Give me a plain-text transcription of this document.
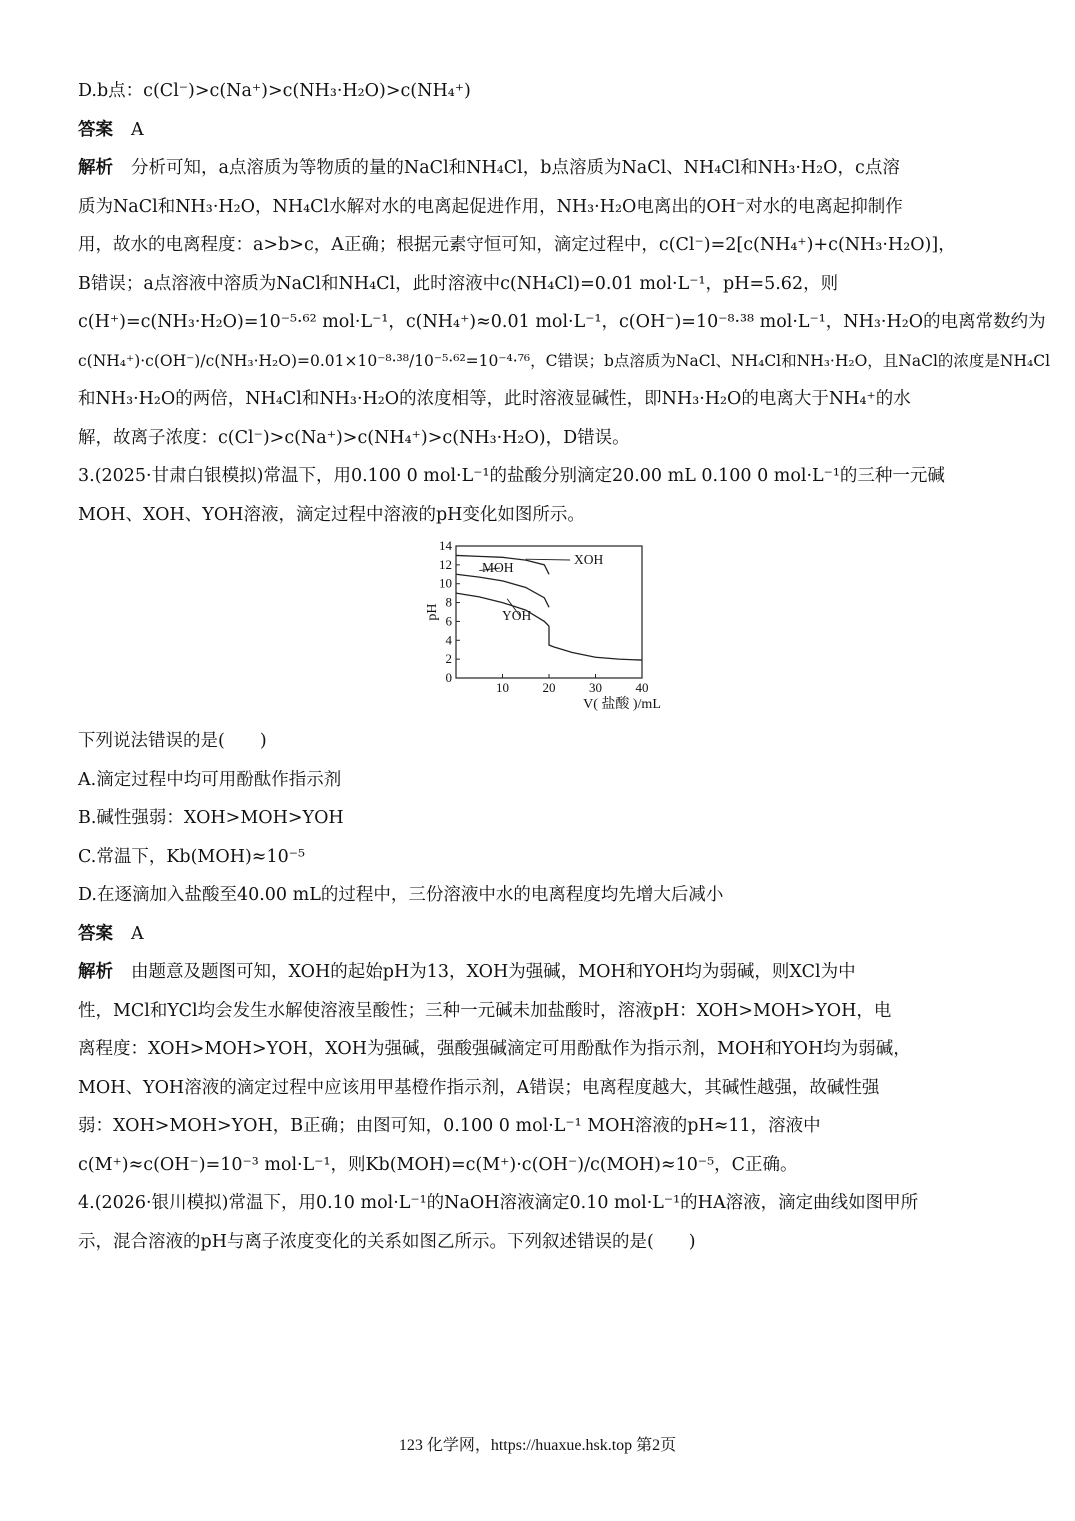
D.b点：c(Cl⁻)>c(Na⁺)>c(NH₃·H₂O)>c(NH₄⁺)
答案 A
解析 分析可知，a点溶质为等物质的量的NaCl和NH₄Cl，b点溶质为NaCl、NH₄Cl和NH₃·H₂O，c点溶
质为NaCl和NH₃·H₂O，NH₄Cl水解对水的电离起促进作用，NH₃·H₂O电离出的OH⁻对水的电离起抑制作
用，故水的电离程度：a>b>c，A正确；根据元素守恒可知，滴定过程中，c(Cl⁻)=2[c(NH₄⁺)+c(NH₃·H₂O)]，
B错误；a点溶液中溶质为NaCl和NH₄Cl，此时溶液中c(NH₄Cl)=0.01 mol·L⁻¹，pH=5.62，则
c(H⁺)=c(NH₃·H₂O)=10⁻⁵·⁶² mol·L⁻¹，c(NH₄⁺)≈0.01 mol·L⁻¹，c(OH⁻)=10⁻⁸·³⁸ mol·L⁻¹，NH₃·H₂O的电离常数约为
c(NH₄⁺)·c(OH⁻)/c(NH₃·H₂O)=0.01×10⁻⁸·³⁸/10⁻⁵·⁶²=10⁻⁴·⁷⁶，C错误；b点溶质为NaCl、NH₄Cl和NH₃·H₂O，且NaCl的浓度是NH₄Cl
和NH₃·H₂O的两倍，NH₄Cl和NH₃·H₂O的浓度相等，此时溶液显碱性，即NH₃·H₂O的电离大于NH₄⁺的水
解，故离子浓度：c(Cl⁻)>c(Na⁺)>c(NH₄⁺)>c(NH₃·H₂O)，D错误。
3.(2025·甘肃白银模拟)常温下，用0.100 0 mol·L⁻¹的盐酸分别滴定20.00 mL 0.100 0 mol·L⁻¹的三种一元碱
MOH、XOH、YOH溶液，滴定过程中溶液的pH变化如图所示。
0
2
4
6
8
10
12
14
10	20	30	40
XOH
MOH
YOH
pH
V( 盐酸 )/mL
下列说法错误的是(　　)
A.滴定过程中均可用酚酞作指示剂
B.碱性强弱：XOH>MOH>YOH
C.常温下，Kb(MOH)≈10⁻⁵
D.在逐滴加入盐酸至40.00 mL的过程中，三份溶液中水的电离程度均先增大后减小
答案 A
解析 由题意及题图可知，XOH的起始pH为13，XOH为强碱，MOH和YOH均为弱碱，则XCl为中
性，MCl和YCl均会发生水解使溶液呈酸性；三种一元碱未加盐酸时，溶液pH：XOH>MOH>YOH，电
离程度：XOH>MOH>YOH，XOH为强碱，强酸强碱滴定可用酚酞作为指示剂，MOH和YOH均为弱碱，
MOH、YOH溶液的滴定过程中应该用甲基橙作指示剂，A错误；电离程度越大，其碱性越强，故碱性强
弱：XOH>MOH>YOH，B正确；由图可知，0.100 0 mol·L⁻¹ MOH溶液的pH≈11，溶液中
c(M⁺)≈c(OH⁻)=10⁻³ mol·L⁻¹，则Kb(MOH)=c(M⁺)·c(OH⁻)/c(MOH)≈10⁻⁵，C正确。
4.(2026·银川模拟)常温下，用0.10 mol·L⁻¹的NaOH溶液滴定0.10 mol·L⁻¹的HA溶液，滴定曲线如图甲所
示，混合溶液的pH与离子浓度变化的关系如图乙所示。下列叙述错误的是(　　)
123 化学网，https://huaxue.hsk.top 第2页
